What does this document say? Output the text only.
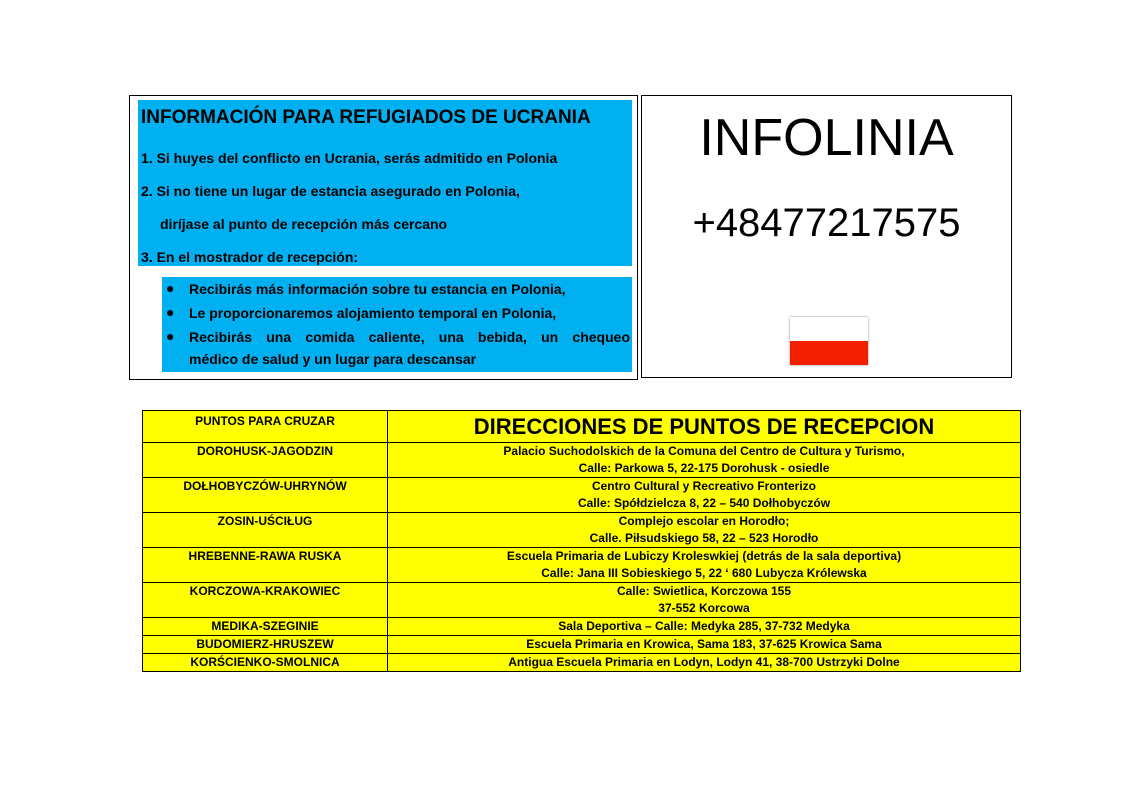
INFORMACIÓN PARA REFUGIADOS DE UCRANIA
1. Si huyes del conflicto en Ucrania, serás admitido en Polonia
2. Si no tiene un lugar de estancia asegurado en Polonia,
diríjase al punto de recepción más cercano
3. En el mostrador de recepción:
● Recibirás más información sobre tu estancia en Polonia,
● Le proporcionaremos alojamiento temporal en Polonia,
● Recibirás una comida caliente, una bebida, un chequeo
médico de salud y un lugar para descansar
INFOLINIA
+48477217575
PUNTOS PARA CRUZAR	DIRECCIONES DE PUNTOS DE RECEPCION
DOROHUSK-JAGODZIN	Palacio Suchodolskich de la Comuna del Centro de Cultura y Turismo,
Calle: Parkowa 5, 22-175 Dorohusk - osiedle

DOŁHOBYCZÓW-UHRYNÓW	Centro Cultural y Recreativo Fronterizo
Calle: Spółdzielcza 8, 22 – 540 Dołhobyczów

ZOSIN-UŚCIŁUG	Complejo escolar en Horodło;
Calle. Piłsudskiego 58, 22 – 523 Horodło

HREBENNE-RAWA RUSKA	Escuela Primaria de Lubiczy Kroleswkiej (detrás de la sala deportiva)
Calle: Jana III Sobieskiego 5, 22 ‘ 680 Lubycza Królewska

KORCZOWA-KRAKOWIEC	Calle: Swietlica, Korczowa 155
37-552 Korcowa

MEDIKA-SZEGINIE	Sala Deportiva – Calle: Medyka 285, 37-732 Medyka

BUDOMIERZ-HRUSZEW	Escuela Primaria en Krowica, Sama 183, 37-625 Krowica Sama

KORŚCIENKO-SMOLNICA	Antigua Escuela Primaria en Lodyn, Lodyn 41, 38-700 Ustrzyki Dolne
